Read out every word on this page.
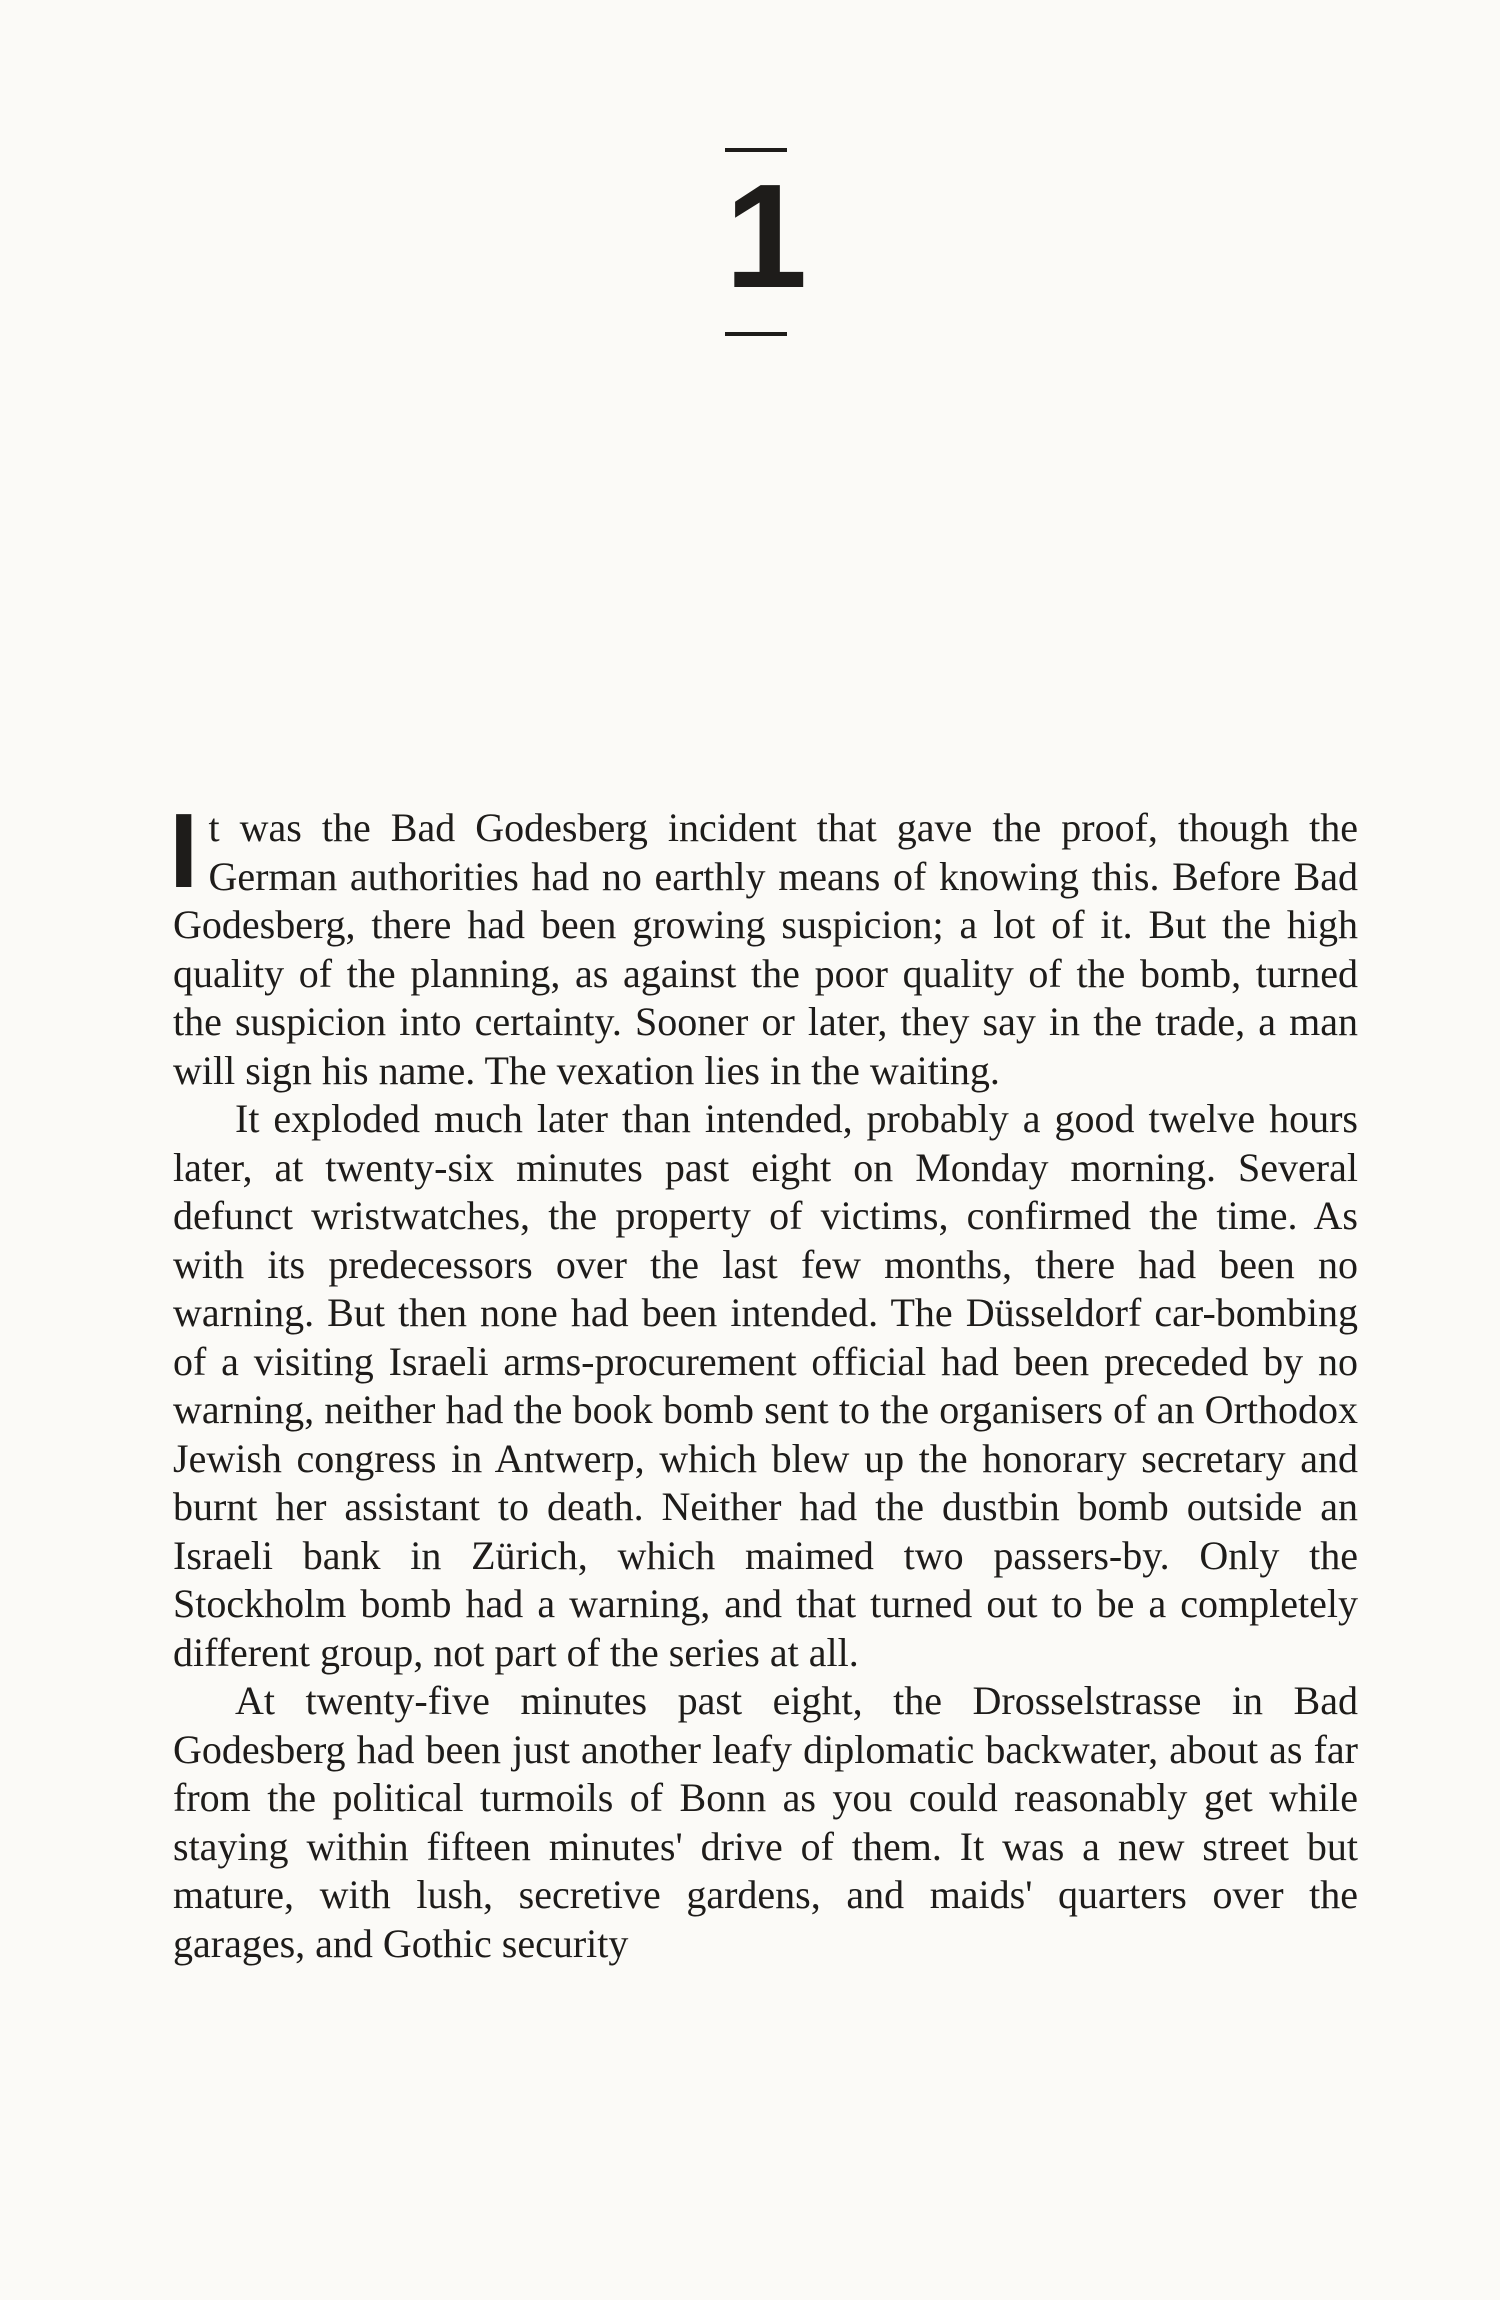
1

It was the Bad Godesberg incident that gave the proof, though the German authorities had no earthly means of knowing this. Before Bad Godesberg, there had been growing suspicion; a lot of it. But the high quality of the planning, as against the poor quality of the bomb, turned the suspicion into certainty. Sooner or later, they say in the trade, a man will sign his name. The vexation lies in the waiting.

It exploded much later than intended, probably a good twelve hours later, at twenty-six minutes past eight on Monday morning. Several defunct wristwatches, the property of victims, confirmed the time. As with its predecessors over the last few months, there had been no warning. But then none had been intended. The Düsseldorf car-bombing of a visiting Israeli arms-procurement official had been preceded by no warning, neither had the book bomb sent to the organisers of an Orthodox Jewish congress in Antwerp, which blew up the honorary secretary and burnt her assistant to death. Neither had the dustbin bomb outside an Israeli bank in Zürich, which maimed two passers-by. Only the Stockholm bomb had a warning, and that turned out to be a completely different group, not part of the series at all.

At twenty-five minutes past eight, the Drosselstrasse in Bad Godesberg had been just another leafy diplomatic backwater, about as far from the political turmoils of Bonn as you could reasonably get while staying within fifteen minutes' drive of them. It was a new street but mature, with lush, secretive gardens, and maids' quarters over the garages, and Gothic security
